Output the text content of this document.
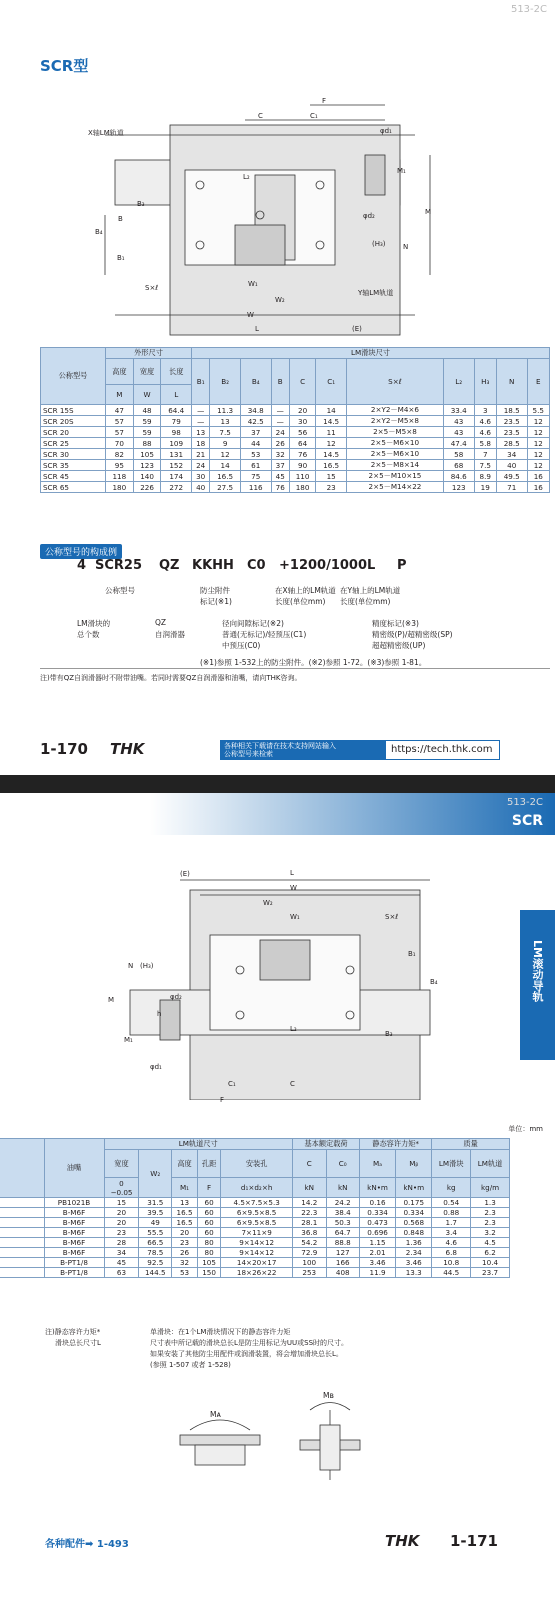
513-2C
SCR型
X轴LM轨道
F
C	C₁
φd₁
M₁
M
L₂
B₃
B
B₄
φd₂
(H₃) N
B₁
S×ℓ	W₁
Y轴LM轨道
W₂
W
L	(E)
公称型号	外形尺寸			LM滑块尺寸										
	高度	宽度	长度	B₁	B₂	B₄	B	C	C₁	S×ℓ	L₂	H₃	N	E
	M	W	L											
SCR 15S	47	48	64.4	—	11.3	34.8	—	20	14	2×Y2－M4×6	33.4	3	18.5	5.5
SCR 20S	57	59	79	—	13	42.5	—	30	14.5	2×Y2－M5×8	43	4.6	23.5	12
SCR 20	57	59	98	13	7.5	37	24	56	11	2×5－M5×8	43	4.6	23.5	12
SCR 25	70	88	109	18	9	44	26	64	12	2×5－M6×10	47.4	5.8	28.5	12
SCR 30	82	105	131	21	12	53	32	76	14.5	2×5－M6×10	58	7	34	12
SCR 35	95	123	152	24	14	61	37	90	16.5	2×5－M8×14	68	7.5	40	12
SCR 45	118	140	174	30	16.5	75	45	110	15	2×5－M10×15	84.6	8.9	49.5	16
SCR 65	180	226	272	40	27.5	116	76	180	23	2×5－M14×22	123	19	71	16
公称型号的构成例
4 SCR25	QZ KKHH	C0	+1200/1000L	P
公称型号	防尘附件
标记(※1)
在X轴上的LM轨道
长度(单位mm)
在Y轴上的LM轨道
长度(单位mm)
LM滑块的
总个数
QZ
自润滑器
径向间隙标记(※2)
普通(无标记)/轻预压(C1)
中预压(C0)
精度标记(※3)
精密级(P)/超精密级(SP)
超超精密级(UP)
(※1)参照 1-532上的防尘附件。(※2)参照 1-72。(※3)参照 1-81。
注)带有QZ自润滑器时不附带油嘴。若同时需要QZ自润滑器和油嘴，请向THK咨询。
1-170 THK	各种相关下载请在技术支持网站输入
公称型号来检索	https://tech.thk.com
513-2C
SCR
LM滚动导轨
(E)	L
W
W₂
W₁	S×ℓ
N (H₃)
B₁
B₄
M	φd₂
B₃
h
L₂
M₁
φd₁
C₁	C
F
单位：mm
	油嘴	LM轨道尺寸					基本额定载荷		静态容许力矩*		质量	
		宽度	W₂	高度	孔距	安装孔	C	C₀	Mₐ	Mᵦ	LM滑块	LM轨道
		0
−0.05		M₁	F	d₁×d₂×h	kN	kN	kN•m	kN•m	kg	kg/m
	PB1021B	15	31.5	13	60	4.5×7.5×5.3	14.2	24.2	0.16	0.175	0.54	1.3
	B-M6F	20	39.5	16.5	60	6×9.5×8.5	22.3	38.4	0.334	0.334	0.88	2.3
	B-M6F	20	49	16.5	60	6×9.5×8.5	28.1	50.3	0.473	0.568	1.7	2.3
	B-M6F	23	55.5	20	60	7×11×9	36.8	64.7	0.696	0.848	3.4	3.2
	B-M6F	28	66.5	23	80	9×14×12	54.2	88.8	1.15	1.36	4.6	4.5
	B-M6F	34	78.5	26	80	9×14×12	72.9	127	2.01	2.34	6.8	6.2
	B-PT1/8	45	92.5	32	105	14×20×17	100	166	3.46	3.46	10.8	10.4
	B-PT1/8	63	144.5	53	150	18×26×22	253	408	11.9	13.3	44.5	23.7
注)静态容许力矩*
滑块总长尺寸L
单滑块：在1个LM滑块情况下的静态容许力矩
尺寸表中所记载的滑块总长L是防尘用标记为UU或SS时的尺寸。
如果安装了其他防尘用配件或润滑装置，将会增加滑块总长L。
(参照 1-507 或者 1-528)
Mᴀ
Mʙ
各种配件➡ 1-493	THK 1-171
